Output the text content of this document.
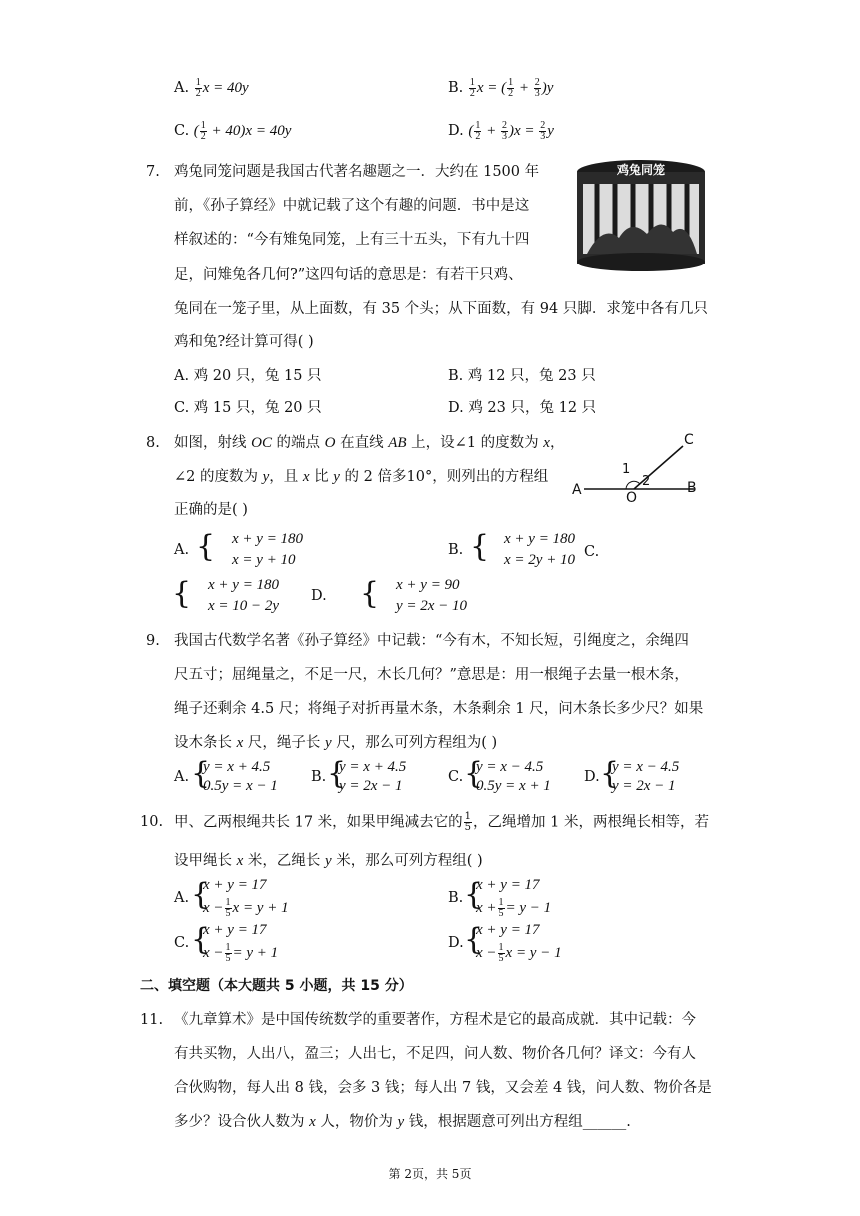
A. $\frac{1}{2}$ x = 40y	B. $\frac{1}{2}$ x = ( $\frac{1}{2} + \frac{2}{3} )y$
C. ( $\frac{1}{2} + 40)x = 40y$	D. ( $\frac{1}{2} + \frac{2}{3} )x = \frac{2}{3}$ y
7. 鸡兔同笼问题是我国古代著名趣题之一．大约在 1500 年
前，《孙子算经》中就记载了这个有趣的问题．书中是这
样叙述的：“今有雉兔同笼，上有三十五头，下有九十四
足，问雉兔各几何?”这四句话的意思是：有若干只鸡、
兔同在一笼子里，从上面数，有 35 个头；从下面数，有 94 只脚．求笼中各有几只
鸡和兔?经计算可得( )
鸡兔同笼
A. 鸡 20 只，兔 15 只	B. 鸡 12 只，兔 23 只
C. 鸡 15 只，兔 20 只	D. 鸡 23 只，兔 12 只
8. 如图，射线 OC 的端点 O 在直线 AB 上，设∠1 的度数为 x，
∠2 的度数为 y，且 x 比 y 的 2 倍多10°，则列出的方程组
正确的是( )
A	B
C
O
1
2
A. { x + y = 180
x = y + 10
B. { x + y = 180
x = 2y + 10 C.
{ x + y = 180
x = 10 − 2y
D. { x + y = 90
y = 2x − 10
9. 我国古代数学名著《孙子算经》中记载：“今有木，不知长短，引绳度之，余绳四
尺五寸；屈绳量之，不足一尺，木长几何？”意思是：用一根绳子去量一根木条，
绳子还剩余 4.5 尺；将绳子对折再量木条，木条剩余 1 尺，问木条长多少尺？如果
设木条长 x 尺，绳子长 y 尺，那么可列方程组为( )
A. {
y = x + 4.5
0.5y = x − 1
B. {
y = x + 4.5
y = 2x − 1
C. {
y = x − 4.5
0.5y = x + 1
D. {
y = x − 4.5
y = 2x − 1
10. 甲、乙两根绳共长 17 米，如果甲绳减去它的 $\frac{1}{5}$ ，乙绳增加 1 米，两根绳长相等，若
设甲绳长 x 米，乙绳长 y 米，那么可列方程组( )
A. {
x + y = 17
$x - \frac{1}{5}$ x = y + 1
B. {
x + y = 17
$x + \frac{1}{5} = y - 1$
C. {
x + y = 17
$x - \frac{1}{5} = y + 1$
D. {
x + y = 17
$x - \frac{1}{5}$ x = y − 1
二、填空题（本大题共 5 小题，共 15 分）
11. 《九章算术》是中国传统数学的重要著作，方程术是它的最高成就．其中记载：今
有共买物，人出八，盈三；人出七，不足四，问人数、物价各几何？译文：今有人
合伙购物，每人出 8 钱，会多 3 钱；每人出 7 钱，又会差 4 钱，问人数、物价各是
多少？设合伙人数为 x 人，物价为 y 钱，根据题意可列出方程组______.
第 2页，共 5页
